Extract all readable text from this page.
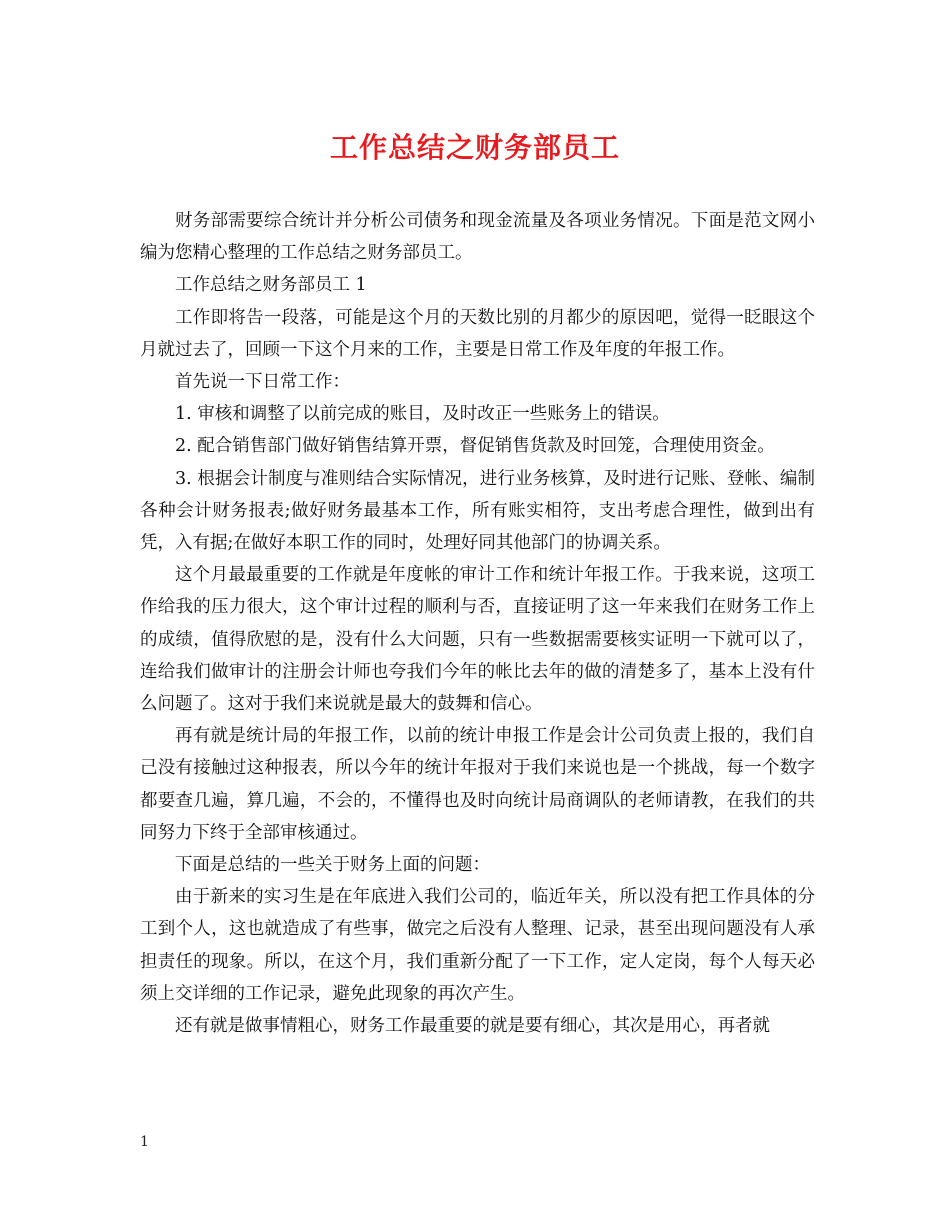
工作总结之财务部员工

财务部需要综合统计并分析公司债务和现金流量及各项业务情况。下面是范文网小编为您精心整理的工作总结之财务部员工。

工作总结之财务部员工 1

工作即将告一段落，可能是这个月的天数比别的月都少的原因吧，觉得一眨眼这个月就过去了，回顾一下这个月来的工作，主要是日常工作及年度的年报工作。

首先说一下日常工作：

1. 审核和调整了以前完成的账目，及时改正一些账务上的错误。

2. 配合销售部门做好销售结算开票，督促销售货款及时回笼，合理使用资金。

3. 根据会计制度与准则结合实际情况，进行业务核算，及时进行记账、登帐、编制各种会计财务报表;做好财务最基本工作，所有账实相符，支出考虑合理性，做到出有凭，入有据;在做好本职工作的同时，处理好同其他部门的协调关系。

这个月最最重要的工作就是年度帐的审计工作和统计年报工作。于我来说，这项工作给我的压力很大，这个审计过程的顺利与否，直接证明了这一年来我们在财务工作上的成绩，值得欣慰的是，没有什么大问题，只有一些数据需要核实证明一下就可以了，连给我们做审计的注册会计师也夸我们今年的帐比去年的做的清楚多了，基本上没有什么问题了。这对于我们来说就是最大的鼓舞和信心。

再有就是统计局的年报工作，以前的统计申报工作是会计公司负责上报的，我们自己没有接触过这种报表，所以今年的统计年报对于我们来说也是一个挑战，每一个数字都要查几遍，算几遍，不会的，不懂得也及时向统计局商调队的老师请教，在我们的共同努力下终于全部审核通过。

下面是总结的一些关于财务上面的问题：

由于新来的实习生是在年底进入我们公司的，临近年关，所以没有把工作具体的分工到个人，这也就造成了有些事，做完之后没有人整理、记录，甚至出现问题没有人承担责任的现象。所以，在这个月，我们重新分配了一下工作，定人定岗，每个人每天必须上交详细的工作记录，避免此现象的再次产生。

还有就是做事情粗心，财务工作最重要的就是要有细心，其次是用心，再者就

1
